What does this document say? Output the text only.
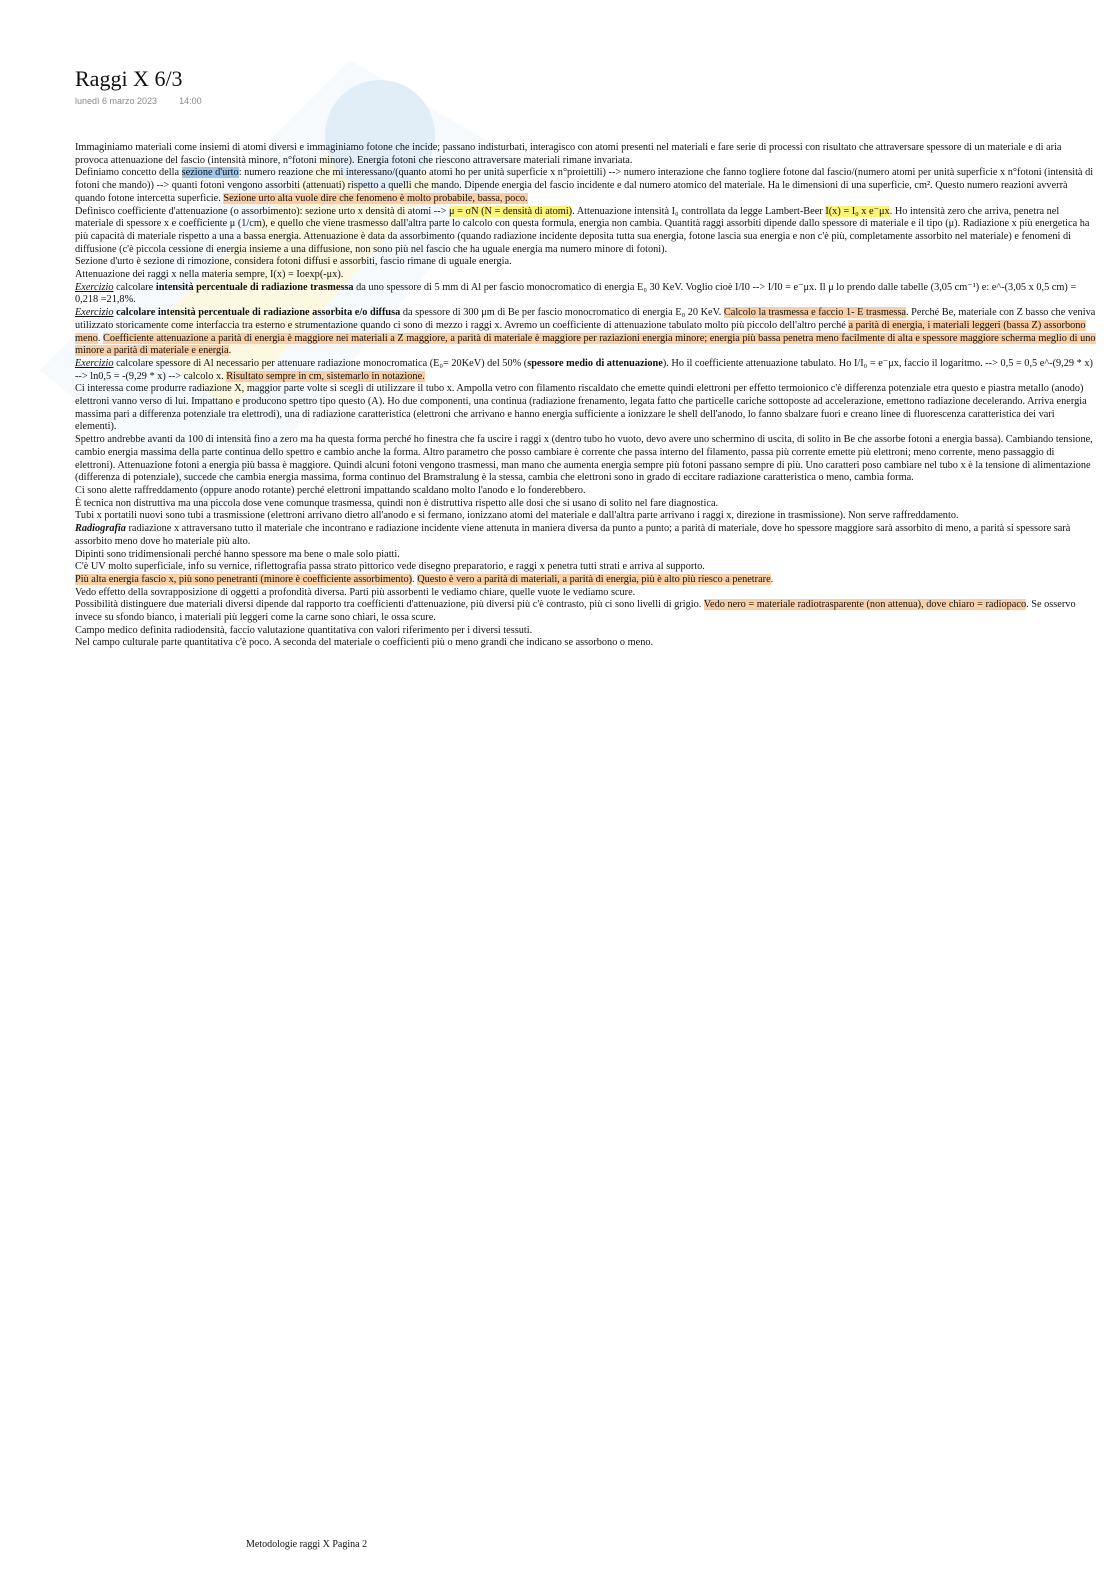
Raggi X 6/3
lunedì 6 marzo 2023 14:00

Immaginiamo materiali come insiemi di atomi diversi e immaginiamo fotone che incide; passano indisturbati, interagisco con atomi presenti nel materiali e fare serie di processi con risultato che attraversare spessore di un materiale e di aria provoca attenuazione del fascio (intensità minore, n°fotoni minore). Energia fotoni che riescono attraversare materiali rimane invariata.

Definiamo concetto della sezione d'urto: numero reazione che mi interessano/(quanto atomi ho per unità superficie x n°proiettili) --> numero interazione che fanno togliere fotone dal fascio/(numero atomi per unità superficie x n°fotoni (intensità di fotoni che mando)) --> quanti fotoni vengono assorbiti (attenuati) rispetto a quelli che mando. Dipende energia del fascio incidente e dal numero atomico del materiale. Ha le dimensioni di una superficie, cm². Questo numero reazioni avverrà quando fotone intercetta superficie. Sezione urto alta vuole dire che fenomeno è molto probabile, bassa, poco.

Definisco coefficiente d'attenuazione (o assorbimento): sezione urto x densità di atomi --> μ = σN (N = densità di atomi). Attenuazione intensità I₀ controllata da legge Lambert-Beer I(x) = I₀ x e⁻μx. Ho intensità zero che arriva, penetra nel materiale di spessore x e coefficiente μ (1/cm), e quello che viene trasmesso dall'altra parte lo calcolo con questa formula, energia non cambia. Quantità raggi assorbiti dipende dallo spessore di materiale e il tipo (μ). Radiazione x più energetica ha più capacità di materiale rispetto a una a bassa energia. Attenuazione è data da assorbimento (quando radiazione incidente deposita tutta sua energia, fotone lascia sua energia e non c'è più, completamente assorbito nel materiale) e fenomeni di diffusione (c'è piccola cessione di energia insieme a una diffusione, non sono più nel fascio che ha uguale energia ma numero minore di fotoni).

Sezione d'urto è sezione di rimozione, considera fotoni diffusi e assorbiti, fascio rimane di uguale energia.

Attenuazione dei raggi x nella materia sempre, I(x) = Ioexp(-μx).

Exercizio calcolare intensità percentuale di radiazione trasmessa da uno spessore di 5 mm di Al per fascio monocromatico di energia E₀ 30 KeV. Voglio cioè I/I0 --> I/I0 = e⁻μx. Il μ lo prendo dalle tabelle (3,05 cm⁻¹) e: e^-(3,05 x 0,5 cm) = 0,218 =21,8%.

Exercizio calcolare intensità percentuale di radiazione assorbita e/o diffusa da spessore di 300 μm di Be per fascio monocromatico di energia E₀ 20 KeV. Calcolo la trasmessa e faccio 1- E trasmessa. Perché Be, materiale con Z basso che veniva utilizzato storicamente come interfaccia tra esterno e strumentazione quando ci sono di mezzo i raggi x. Avremo un coefficiente di attenuazione tabulato molto più piccolo dell'altro perché a parità di energia, i materiali leggeri (bassa Z) assorbono meno. Coefficiente attenuazione a parità di energia è maggiore nei materiali a Z maggiore, a parità di materiale è maggiore per raziazioni energia minore; energia più bassa penetra meno facilmente di alta e spessore maggiore scherma meglio di uno minore a parità di materiale e energia.

Exercizio calcolare spessore di Al necessario per attenuare radiazione monocromatica (E₀= 20KeV) del 50% (spessore medio di attenuazione). Ho il coefficiente attenuazione tabulato. Ho I/I₀ = e⁻μx, faccio il logaritmo. --> 0,5 = 0,5 e^-(9,29 * x) --> ln0,5 = -(9,29 * x) --> calcolo x. Risultato sempre in cm, sistemarlo in notazione.

Ci interessa come produrre radiazione X, maggior parte volte si scegli di utilizzare il tubo x. Ampolla vetro con filamento riscaldato che emette quindi elettroni per effetto termoionico c'è differenza potenziale etra questo e piastra metallo (anodo) elettroni vanno verso di lui. Impattano e producono spettro tipo questo (A). Ho due componenti, una continua (radiazione frenamento, legata fatto che particelle cariche sottoposte ad accelerazione, emettono radiazione decelerando. Arriva energia massima pari a differenza potenziale tra elettrodi), una di radiazione caratteristica (elettroni che arrivano e hanno energia sufficiente a ionizzare le shell dell'anodo, lo fanno sbalzare fuori e creano linee di fluorescenza caratteristica dei vari elementi).

Spettro andrebbe avanti da 100 di intensità fino a zero ma ha questa forma perché ho finestra che fa uscire i raggi x (dentro tubo ho vuoto, devo avere uno schermino di uscita, di solito in Be che assorbe fotoni a energia bassa). Cambiando tensione, cambio energia massima della parte continua dello spettro e cambio anche la forma. Altro parametro che posso cambiare è corrente che passa interno del filamento, passa più corrente emette più elettroni; meno corrente, meno passaggio di elettroni). Attenuazione fotoni a energia più bassa è maggiore. Quindi alcuni fotoni vengono trasmessi, man mano che aumenta energia sempre più fotoni passano sempre di più. Uno caratteri poso cambiare nel tubo x è la tensione di alimentazione (differenza di potenziale), succede che cambia energia massima, forma continuo del Bramstralung è la stessa, cambia che elettroni sono in grado di eccitare radiazione caratteristica o meno, cambia forma.

Ci sono alette raffreddamento (oppure anodo rotante) perché elettroni impattando scaldano molto l'anodo e lo fonderebbero.

È tecnica non distruttiva ma una piccola dose vene comunque trasmessa, quindi non è distruttiva rispetto alle dosi che si usano di solito nel fare diagnostica.

Tubi x portatili nuovi sono tubi a trasmissione (elettroni arrivano dietro all'anodo e si fermano, ionizzano atomi del materiale e dall'altra parte arrivano i raggi x, direzione in trasmissione). Non serve raffreddamento.

Radiografia radiazione x attraversano tutto il materiale che incontrano e radiazione incidente viene attenuta in maniera diversa da punto a punto; a parità di materiale, dove ho spessore maggiore sarà assorbito di meno, a parità si spessore sarà assorbito meno dove ho materiale più alto.

Dipinti sono tridimensionali perché hanno spessore ma bene o male solo piatti.

C'è UV molto superficiale, info su vernice, riflettografia passa strato pittorico vede disegno preparatorio, e raggi x penetra tutti strati e arriva al supporto.

Più alta energia fascio x, più sono penetranti (minore è coefficiente assorbimento). Questo è vero a parità di materiali, a parità di energia, più è alto più riesco a penetrare.

Vedo effetto della sovrapposizione di oggetti a profondità diversa. Parti più assorbenti le vediamo chiare, quelle vuote le vediamo scure.

Possibilità distinguere due materiali diversi dipende dal rapporto tra coefficienti d'attenuazione, più diversi più c'è contrasto, più ci sono livelli di grigio. Vedo nero = materiale radiotrasparente (non attenua), dove chiaro = radiopaco. Se osservo invece su sfondo bianco, i materiali più leggeri come la carne sono chiari, le ossa scure.

Campo medico definita radiodensità, faccio valutazione quantitativa con valori riferimento per i diversi tessuti.

Nel campo culturale parte quantitativa c'è poco. A seconda del materiale o coefficienti più o meno grandi che indicano se assorbono o meno.

Metodologie raggi X Pagina 2
